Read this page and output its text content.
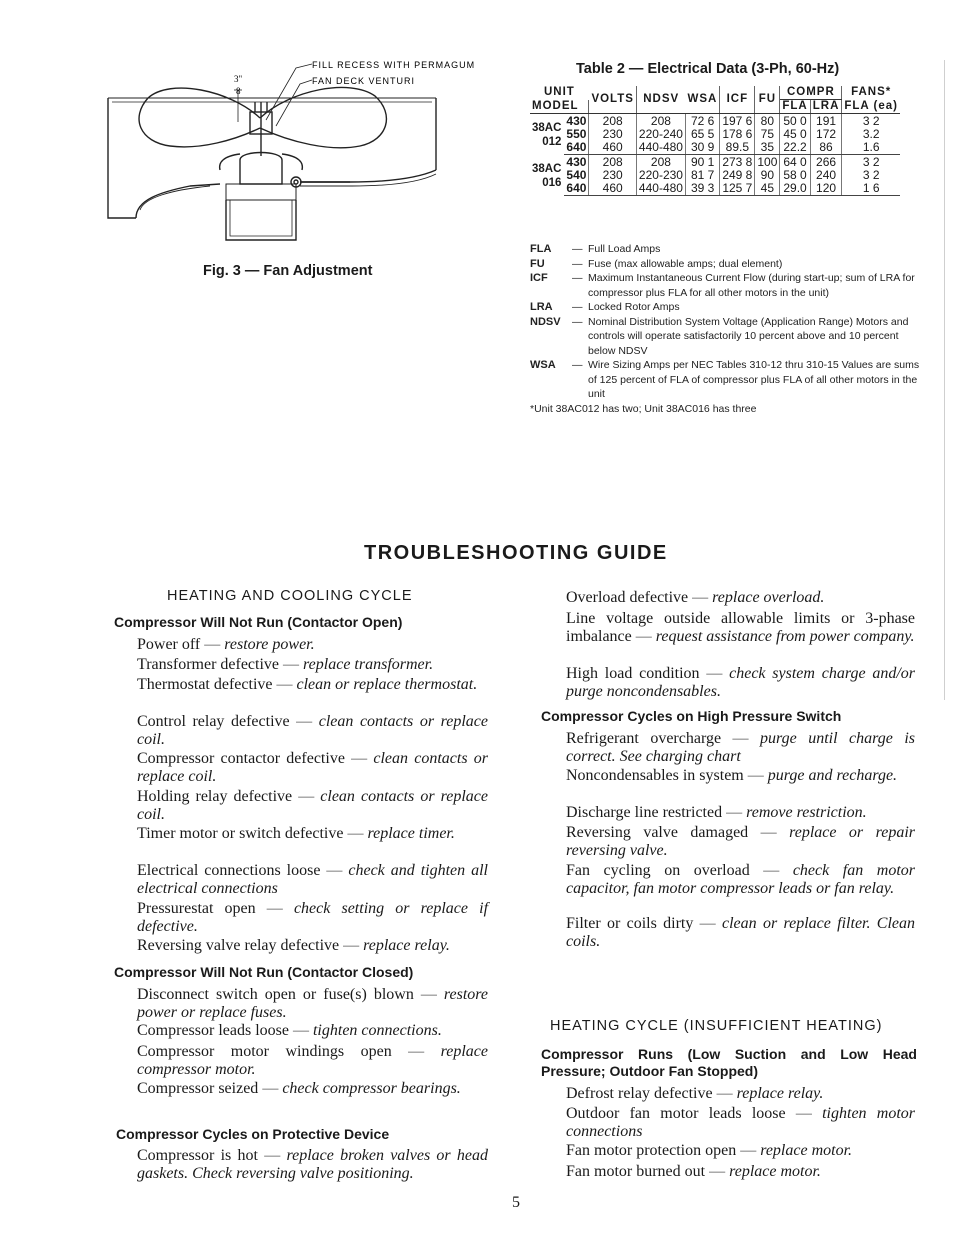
FILL RECESS WITH PERMAGUM
FAN DECK VENTURI
3"
8
Fig. 3 — Fan Adjustment
Table 2 — Electrical Data (3-Ph, 60-Hz)
UNIT		VOLTS	NDSV	WSA	ICF	FU	COMPR		FANS*
MODEL							FLA	LRA	FLA (ea)
38AC
012	430	208	208	72 6	197 6	80	50 0	191	3 2
	550	230	220-240	65 5	178 6	75	45 0	172	3.2
	640	460	440-480	30 9	89.5	35	22.2	86	1.6
38AC
016	430	208	208	90 1	273 8	100	64 0	266	3 2
	540	230	220-230	81 7	249 8	90	58 0	240	3 2
	640	460	440-480	39 3	125 7	45	29.0	120	1 6
FLA	— Full Load Amps
FU	— Fuse (max allowable amps; dual element)
ICF	— Maximum Instantaneous Current Flow (during start-up; sum of LRA for compressor plus FLA for all other motors in the unit)
LRA	— Locked Rotor Amps
NDSV	— Nominal Distribution System Voltage (Application Range) Motors and controls will operate satisfactorily 10 percent above and 10 percent below NDSV
WSA	— Wire Sizing Amps per NEC Tables 310-12 thru 310-15 Values are sums of 125 percent of FLA of compressor plus FLA of all other motors in the unit
*Unit 38AC012 has two; Unit 38AC016 has three
TROUBLESHOOTING GUIDE
HEATING AND COOLING CYCLE
Compressor Will Not Run (Contactor Open)
Power off — restore power.
Transformer defective — replace transformer.
Thermostat defective — clean or replace thermostat.
Control relay defective — clean contacts or replace coil.
Compressor contactor defective — clean contacts or replace coil.
Holding relay defective — clean contacts or replace coil.
Timer motor or switch defective — replace timer.
Electrical connections loose — check and tighten all electrical connections
Pressurestat open — check setting or replace if defective.
Reversing valve relay defective — replace relay.
Compressor Will Not Run (Contactor Closed)
Disconnect switch open or fuse(s) blown — restore power or replace fuses.
Compressor leads loose — tighten connections.
Compressor motor windings open — replace compressor motor.
Compressor seized — check compressor bearings.
Compressor Cycles on Protective Device
Compressor is hot — replace broken valves or head gaskets. Check reversing valve positioning.
Overload defective — replace overload.
Line voltage outside allowable limits or 3-phase imbalance — request assistance from power company.
High load condition — check system charge and/or purge noncondensables.
Compressor Cycles on High Pressure Switch
Refrigerant overcharge — purge until charge is correct. See charging chart
Noncondensables in system — purge and recharge.
Discharge line restricted — remove restriction.
Reversing valve damaged — replace or repair reversing valve.
Fan cycling on overload — check fan motor capacitor, fan motor compressor leads or fan relay.
Filter or coils dirty — clean or replace filter. Clean coils.
HEATING CYCLE (INSUFFICIENT HEATING)
Compressor Runs (Low Suction and Low Head Pressure; Outdoor Fan Stopped)
Defrost relay defective — replace relay.
Outdoor fan motor leads loose — tighten motor connections
Fan motor protection open — replace motor.
Fan motor burned out — replace motor.
5
